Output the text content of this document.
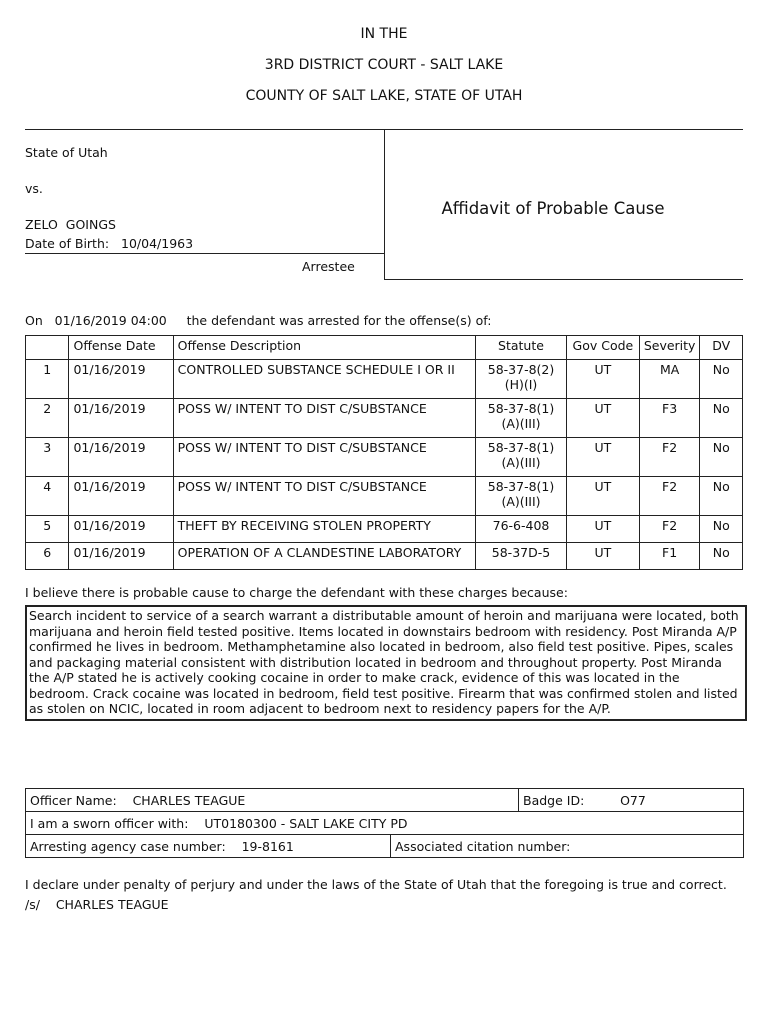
IN THE
3RD DISTRICT COURT - SALT LAKE
COUNTY OF SALT LAKE, STATE OF UTAH
State of Utah
vs.
ZELO  GOINGS
Date of Birth:   10/04/1963
Arrestee
Affidavit of Probable Cause
On   01/16/2019 04:00     the defendant was arrested for the offense(s) of:
	Offense Date	Offense Description	Statute	Gov Code	Severity	DV
1	01/16/2019	CONTROLLED SUBSTANCE SCHEDULE I OR II	58-37-8(2)(H)(I)	UT	MA	No
2	01/16/2019	POSS W/ INTENT TO DIST C/SUBSTANCE	58-37-8(1)(A)(III)	UT	F3	No
3	01/16/2019	POSS W/ INTENT TO DIST C/SUBSTANCE	58-37-8(1)(A)(III)	UT	F2	No
4	01/16/2019	POSS W/ INTENT TO DIST C/SUBSTANCE	58-37-8(1)(A)(III)	UT	F2	No
5	01/16/2019	THEFT BY RECEIVING STOLEN PROPERTY	76-6-408	UT	F2	No
6	01/16/2019	OPERATION OF A CLANDESTINE LABORATORY	58-37D-5	UT	F1	No
I believe there is probable cause to charge the defendant with these charges because:
Search incident to service of a search warrant a distributable amount of heroin and marijuana were located, both marijuana and heroin field tested positive. Items located in downstairs bedroom with residency. Post Miranda A/P confirmed he lives in bedroom. Methamphetamine also located in bedroom, also field test positive. Pipes, scales and packaging material consistent with distribution located in bedroom and throughout property. Post Miranda the A/P stated he is actively cooking cocaine in order to make crack, evidence of this was located in the bedroom. Crack cocaine was located in bedroom, field test positive. Firearm that was confirmed stolen and listed as stolen on NCIC, located in room adjacent to bedroom next to residency papers for the A/P.
Officer Name:    CHARLES TEAGUE		Badge ID:         O77
I am a sworn officer with:    UT0180300 - SALT LAKE CITY PD		
Arresting agency case number:    19-8161	Associated citation number:	
I declare under penalty of perjury and under the laws of the State of Utah that the foregoing is true and correct.
/s/    CHARLES TEAGUE
